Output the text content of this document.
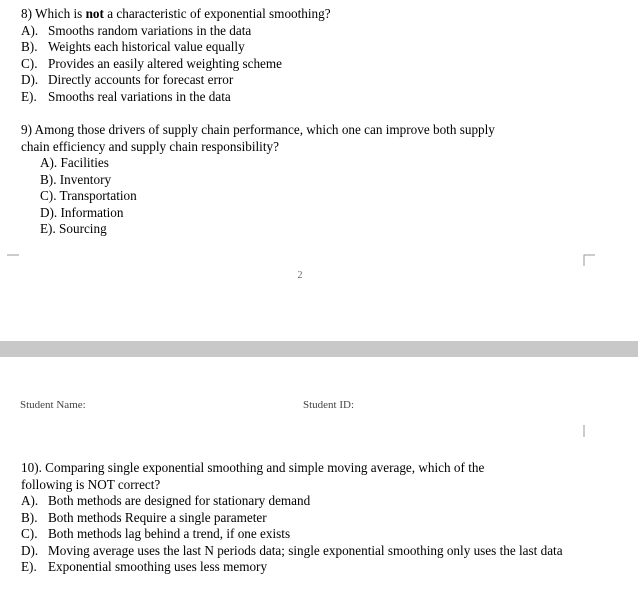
8) Which is not a characteristic of exponential smoothing?
A). Smooths random variations in the data
B). Weights each historical value equally
C). Provides an easily altered weighting scheme
D). Directly accounts for forecast error
E). Smooths real variations in the data
9) Among those drivers of supply chain performance, which one can improve both supply
chain efficiency and supply chain responsibility?
A). Facilities
B). Inventory
C). Transportation
D). Information
E). Sourcing
2
Student Name:	Student ID:
10). Comparing single exponential smoothing and simple moving average, which of the
following is NOT correct?
A). Both methods are designed for stationary demand
B). Both methods Require a single parameter
C). Both methods lag behind a trend, if one exists
D). Moving average uses the last N periods data; single exponential smoothing only uses the last data
E). Exponential smoothing uses less memory
